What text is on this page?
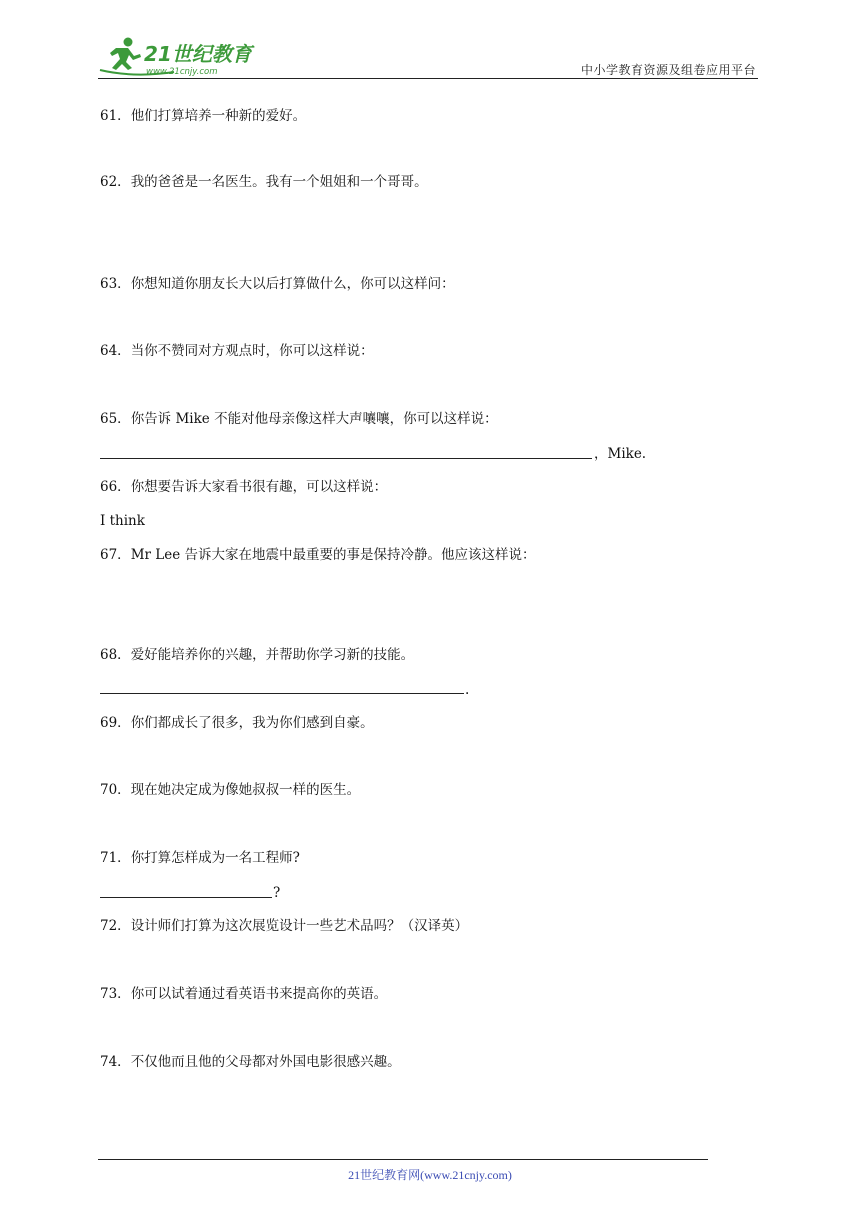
21世纪教育
www.21cnjy.com	中小学教育资源及组卷应用平台
61．他们打算培养一种新的爱好。
62．我的爸爸是一名医生。我有一个姐姐和一个哥哥。
63．你想知道你朋友长大以后打算做什么，你可以这样问：
64．当你不赞同对方观点时，你可以这样说：
65．你告诉 Mike 不能对他母亲像这样大声嚷嚷，你可以这样说：
，Mike.
66．你想要告诉大家看书很有趣，可以这样说：
I think
67．Mr Lee 告诉大家在地震中最重要的事是保持冷静。他应该这样说：
68．爱好能培养你的兴趣，并帮助你学习新的技能。
.
69．你们都成长了很多，我为你们感到自豪。
70．现在她决定成为像她叔叔一样的医生。
71．你打算怎样成为一名工程师?
?
72．设计师们打算为这次展览设计一些艺术品吗？（汉译英）
73．你可以试着通过看英语书来提高你的英语。
74．不仅他而且他的父母都对外国电影很感兴趣。
21世纪教育网(www.21cnjy.com)
